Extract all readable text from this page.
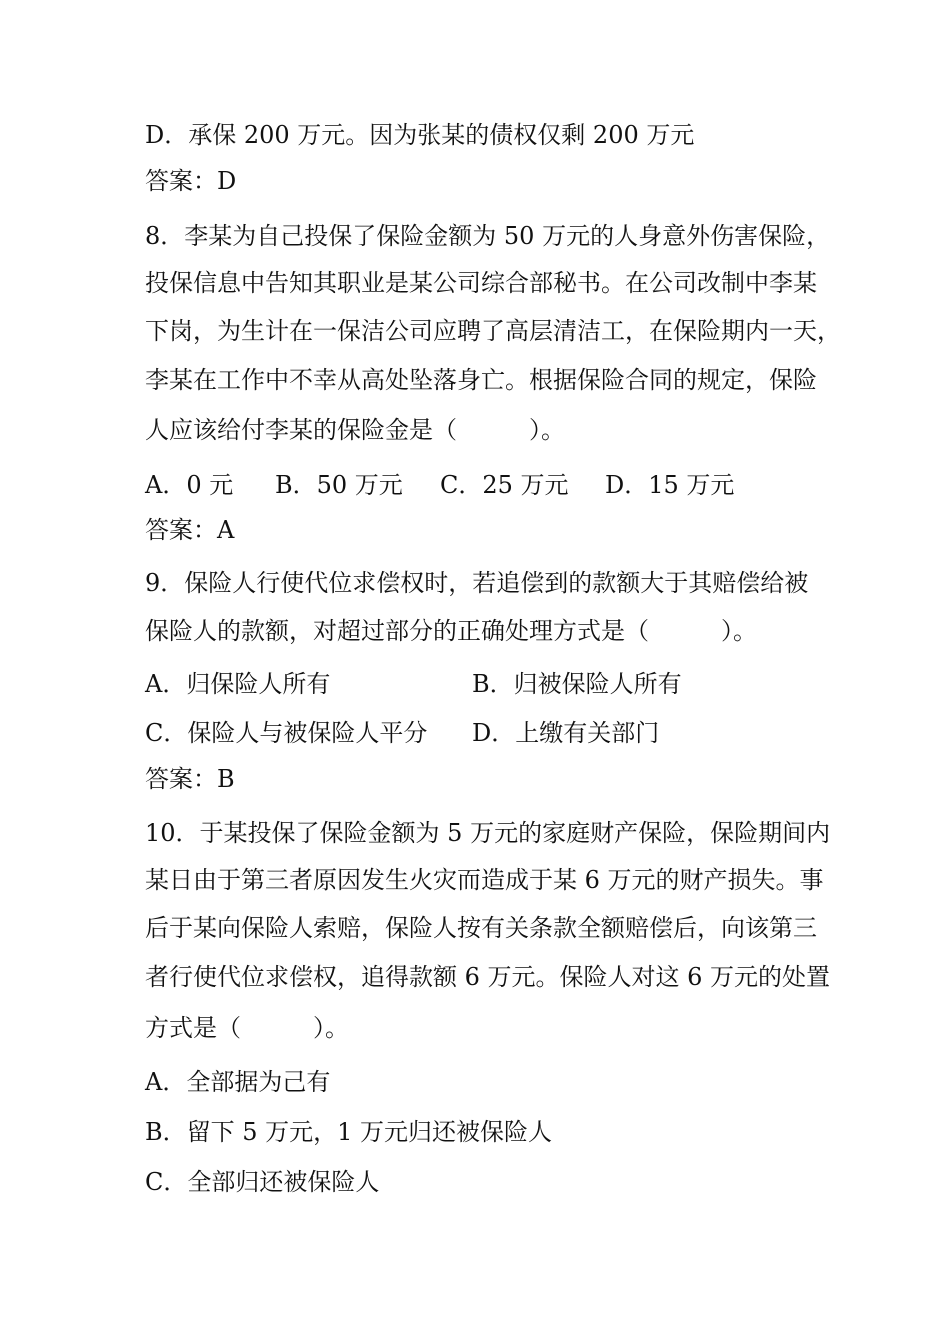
D．承保 200 万元。因为张某的债权仅剩 200 万元
答案：D
8．李某为自己投保了保险金额为 50 万元的人身意外伤害保险，
投保信息中告知其职业是某公司综合部秘书。在公司改制中李某
下岗，为生计在一保洁公司应聘了高层清洁工，在保险期内一天，
李某在工作中不幸从高处坠落身亡。根据保险合同的规定，保险
人应该给付李某的保险金是（　　　）。
A．0 元 B．50 万元 C．25 万元 D．15 万元
答案：A
9．保险人行使代位求偿权时，若追偿到的款额大于其赔偿给被
保险人的款额，对超过部分的正确处理方式是（　　　）。
A．归保险人所有	B．归被保险人所有
C．保险人与被保险人平分 D．上缴有关部门
答案：B
10．于某投保了保险金额为 5 万元的家庭财产保险，保险期间内
某日由于第三者原因发生火灾而造成于某 6 万元的财产损失。事
后于某向保险人索赔，保险人按有关条款全额赔偿后，向该第三
者行使代位求偿权，追得款额 6 万元。保险人对这 6 万元的处置
方式是（　　　）。
A．全部据为己有
B．留下 5 万元，1 万元归还被保险人
C．全部归还被保险人
